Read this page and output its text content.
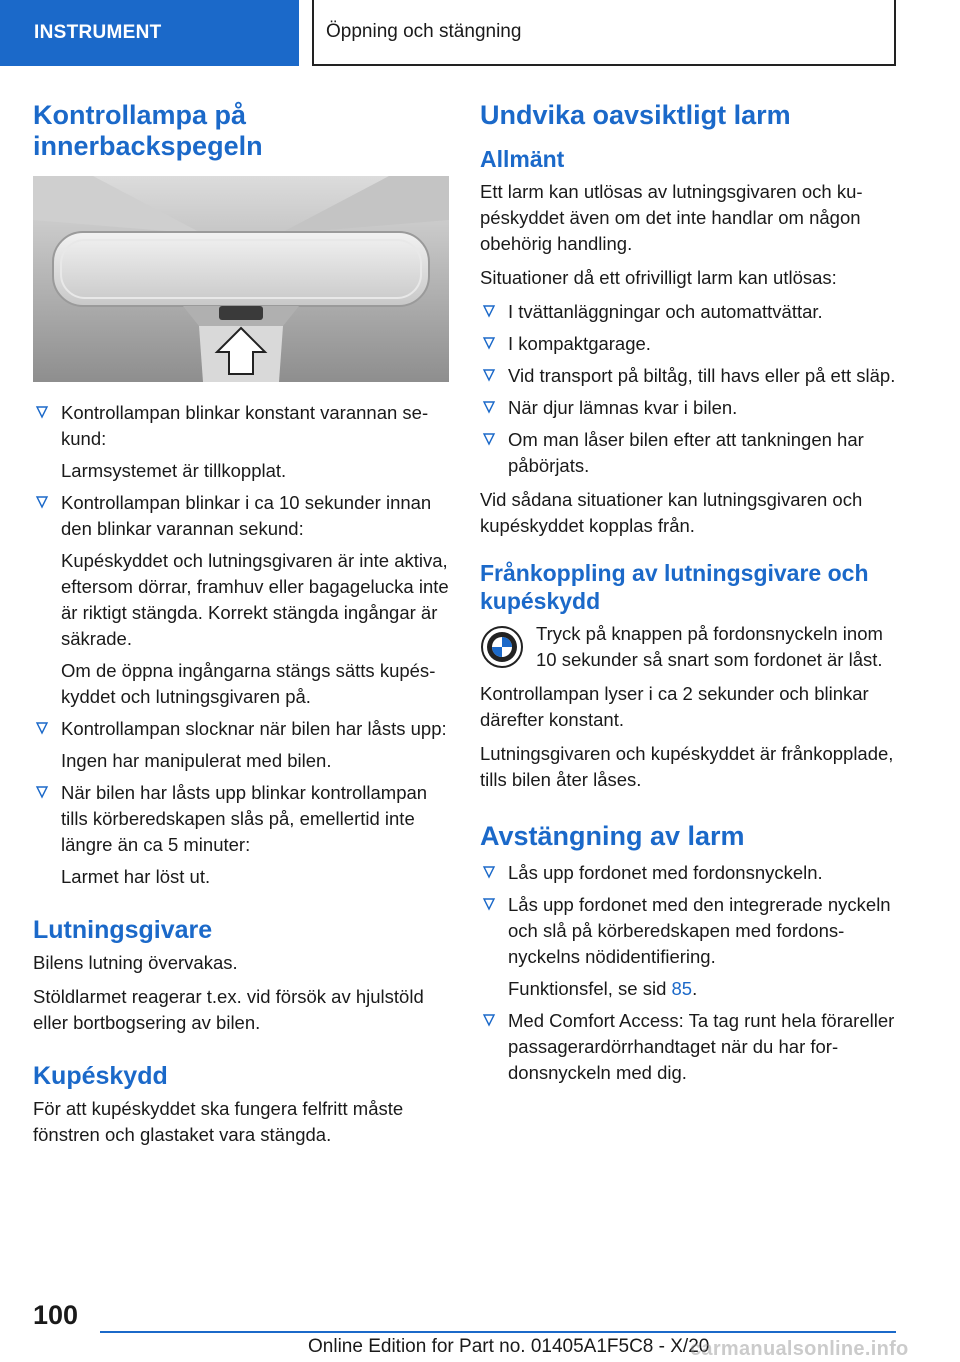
INSTRUMENT	Öppning och stängning
Kontrollampa på innerbackspegeln
Kontrollampan blinkar konstant varannan sekund:
Larmsystemet är tillkopplat.
Kontrollampan blinkar i ca 10 sekunder innan den blinkar varannan sekund:
Kupéskyddet och lutningsgivaren är inte aktiva, eftersom dörrar, framhuv eller bagagelucka inte är riktigt stängda. Korrekt stängda ingångar är säkrade.
Om de öppna ingångarna stängs sätts kupéskyddet och lutningsgivaren på.
Kontrollampan slocknar när bilen har låsts upp:
Ingen har manipulerat med bilen.
När bilen har låsts upp blinkar kontrollampan tills körberedskapen slås på, emellertid inte längre än ca 5 minuter:
Larmet har löst ut.
Lutningsgivare

Bilens lutning övervakas.

Stöldlarmet reagerar t.ex. vid försök av hjulstöld eller bortbogsering av bilen.

Kupéskydd

För att kupéskyddet ska fungera felfritt måste fönstren och glastaket vara stängda.

Undvika oavsiktligt larm
Allmänt

Ett larm kan utlösas av lutningsgivaren och kupéskyddet även om det inte handlar om någon obehörig handling.

Situationer då ett ofrivilligt larm kan utlösas:

I tvättanläggningar och automattvättar.
I kompaktgarage.
Vid transport på biltåg, till havs eller på ett släp.
När djur lämnas kvar i bilen.
Om man låser bilen efter att tankningen har påbörjats.

Vid sådana situationer kan lutningsgivaren och kupéskyddet kopplas från.

Frånkoppling av lutningsgivare och kupéskydd

Tryck på knappen på fordonsnyckeln inom 10 sekunder så snart som fordonet är låst.

Kontrollampan lyser i ca 2 sekunder och blinkar därefter konstant.

Lutningsgivaren och kupéskyddet är frånkopplade, tills bilen åter låses.

Avstängning av larm
Lås upp fordonet med fordonsnyckeln.
Lås upp fordonet med den integrerade nyckeln och slå på körberedskapen med fordonsnyckelns nödidentifiering.
Funktionsfel, se sid 85.
Med Comfort Access: Ta tag runt hela förareller passagerardörrhandtaget när du har fordonsnyckeln med dig.
100
Online Edition for Part no. 01405A1F5C8 - X/20
carmanualsonline.info
